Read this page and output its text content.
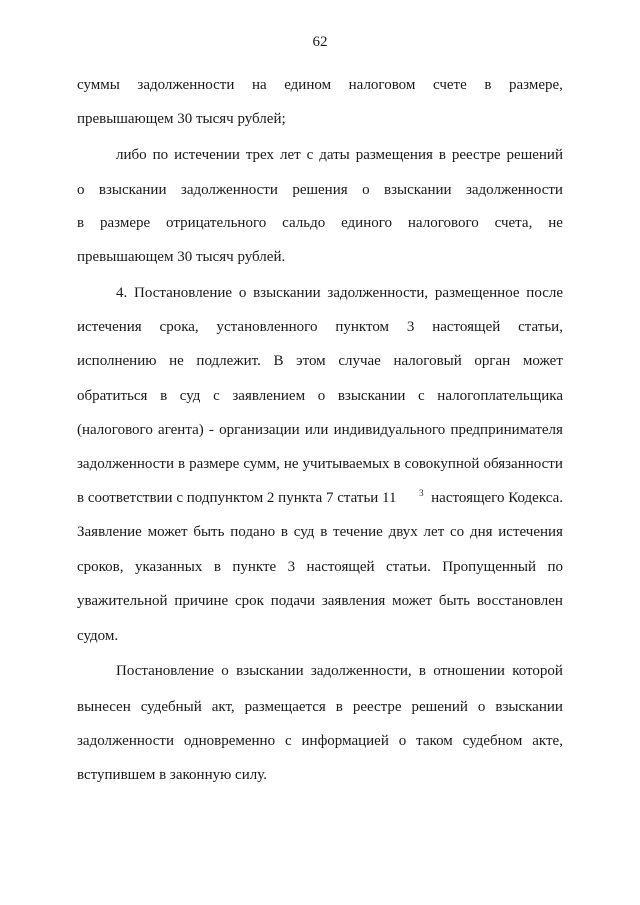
62
суммы задолженности на едином налоговом счете в размере,
превышающем 30 тысяч рублей;
либо по истечении трех лет с даты размещения в реестре решений
о взыскании задолженности решения о взыскании задолженности
в размере отрицательного сальдо единого налогового счета, не
превышающем 30 тысяч рублей.
4. Постановление о взыскании задолженности, размещенное после
истечения срока, установленного пунктом 3 настоящей статьи,
исполнению не подлежит. В этом случае налоговый орган может
обратиться в суд с заявлением о взыскании с налогоплательщика
(налогового агента) - организации или индивидуального предпринимателя
задолженности в размере сумм, не учитываемых в совокупной обязанности
в соответствии с подпунктом 2 пункта 7 статьи 11	$^3$ настоящего Кодекса.
Заявление может быть подано в суд в течение двух лет со дня истечения
сроков, указанных в пункте 3 настоящей статьи. Пропущенный по
уважительной причине срок подачи заявления может быть восстановлен
судом.
Постановление о взыскании задолженности, в отношении которой
вынесен судебный акт, размещается в реестре решений о взыскании
задолженности одновременно с информацией о таком судебном акте,
вступившем в законную силу.
